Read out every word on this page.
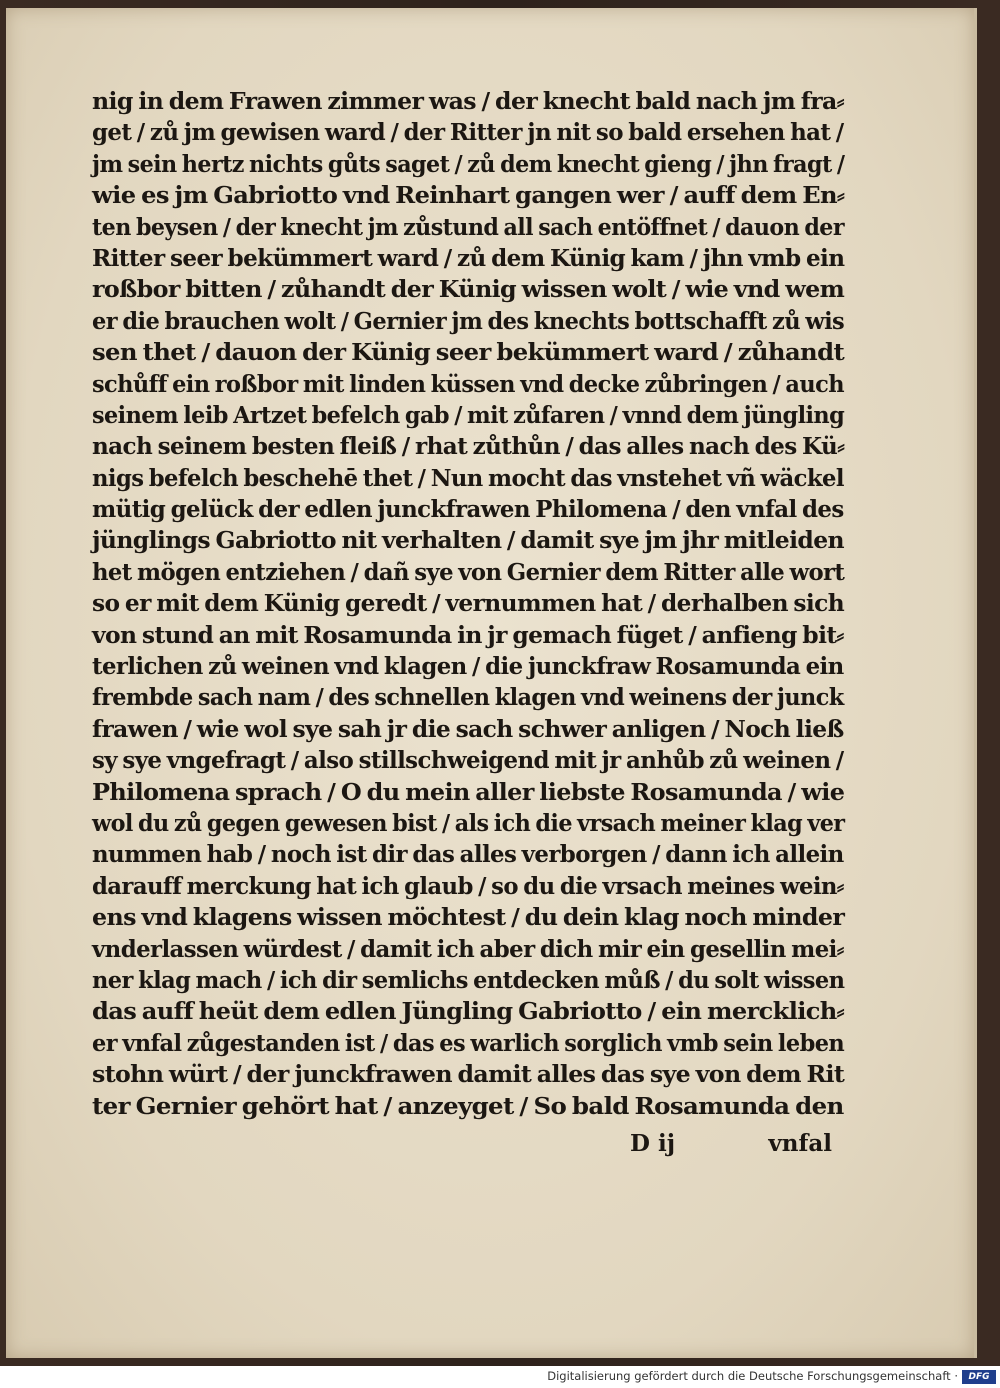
nig in dem Frawen zimmer was / der knecht bald nach jm fra⸗
get / zů jm gewisen ward / der Ritter jn nit so bald ersehen hat /
jm sein hertz nichts gůts saget / zů dem knecht gieng / jhn fragt /
wie es jm Gabriotto vnd Reinhart gangen wer / auff dem En⸗
ten beysen / der knecht jm zůstund all sach entöffnet / dauon der
Ritter seer bekümmert ward / zů dem Künig kam / jhn vmb ein
roßbor bitten / zůhandt der Künig wissen wolt / wie vnd wem
er die brauchen wolt / Gernier jm des knechts bottschafft zů wis
sen thet / dauon der Künig seer bekümmert ward / zůhandt
schůff ein roßbor mit linden küssen vnd decke zůbringen / auch
seinem leib Artzet befelch gab / mit zůfaren / vnnd dem jüngling
nach seinem besten fleiß / rhat zůthůn / das alles nach des Kü⸗
nigs befelch beschehē thet / Nun mocht das vnstehet vñ wäckel
mütig gelück der edlen junckfrawen Philomena / den vnfal des
jünglings Gabriotto nit verhalten / damit sye jm jhr mitleiden
het mögen entziehen / dañ sye von Gernier dem Ritter alle wort
so er mit dem Künig geredt / vernummen hat / derhalben sich
von stund an mit Rosamunda in jr gemach füget / anfieng bit⸗
terlichen zů weinen vnd klagen / die junckfraw Rosamunda ein
frembde sach nam / des schnellen klagen vnd weinens der junck
frawen / wie wol sye sah jr die sach schwer anligen / Noch ließ
sy sye vngefragt / also stillschweigend mit jr anhůb zů weinen /
Philomena sprach / O du mein aller liebste Rosamunda / wie
wol du zů gegen gewesen bist / als ich die vrsach meiner klag ver
nummen hab / noch ist dir das alles verborgen / dann ich allein
darauff merckung hat ich glaub / so du die vrsach meines wein⸗
ens vnd klagens wissen möchtest / du dein klag noch minder
vnderlassen würdest / damit ich aber dich mir ein gesellin mei⸗
ner klag mach / ich dir semlichs entdecken můß / du solt wissen
das auff heüt dem edlen Jüngling Gabriotto / ein mercklich⸗
er vnfal zůgestanden ist / das es warlich sorglich vmb sein leben
stohn würt / der junckfrawen damit alles das sye von dem Rit
ter Gernier gehört hat / anzeyget / So bald Rosamunda den
D ij	vnfal
Digitalisierung gefördert durch die Deutsche Forschungsgemeinschaft ·	DFG
